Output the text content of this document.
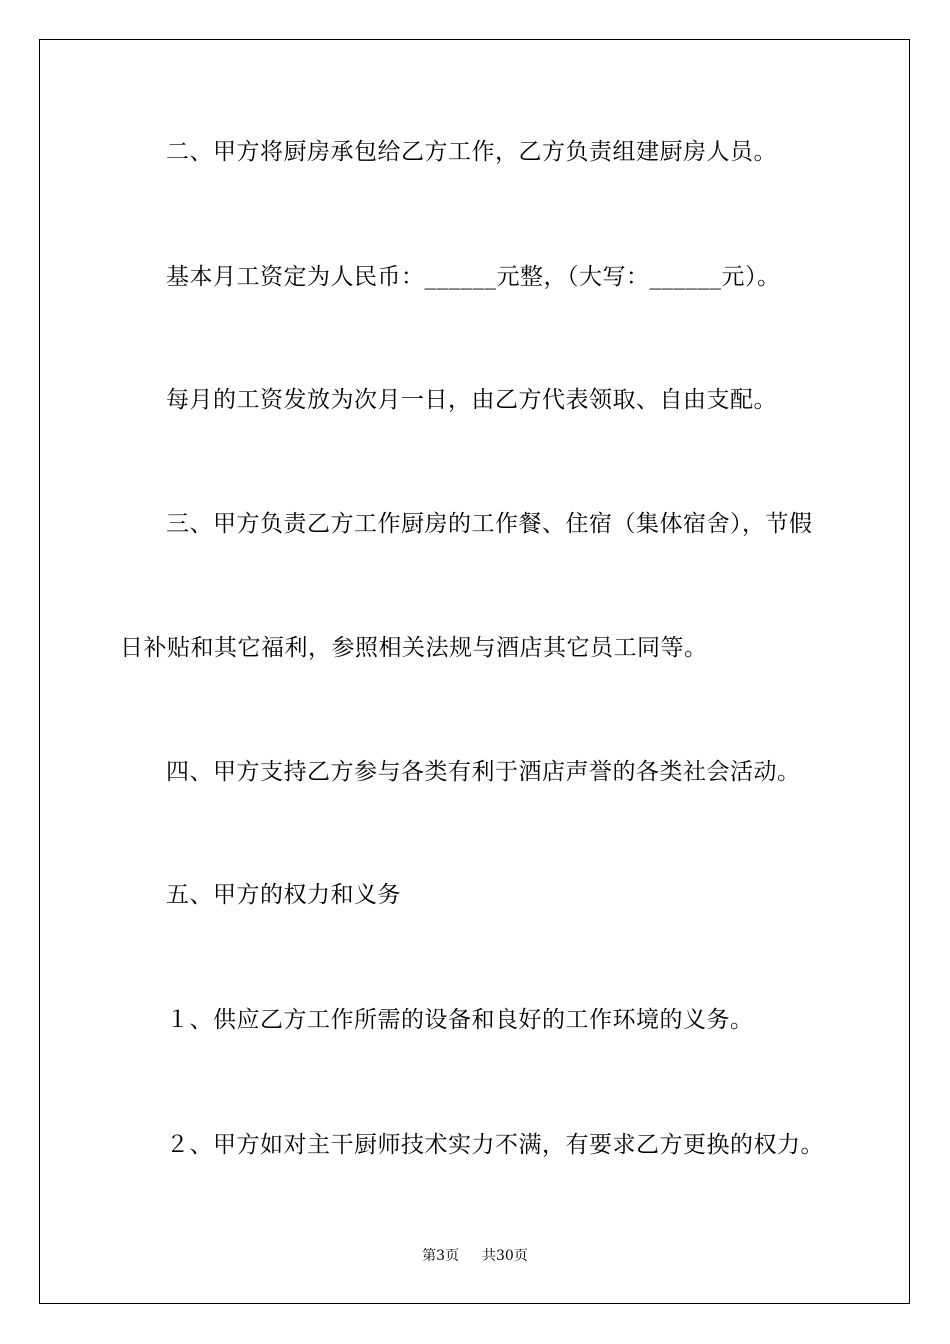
二、甲方将厨房承包给乙方工作，乙方负责组建厨房人员。
基本月工资定为人民币：______元整，（大写：______元）。
每月的工资发放为次月一日，由乙方代表领取、自由支配。
三、甲方负责乙方工作厨房的工作餐、住宿（集体宿舍），节假
日补贴和其它福利，参照相关法规与酒店其它员工同等。
四、甲方支持乙方参与各类有利于酒店声誉的各类社会活动。
五、甲方的权力和义务
１、供应乙方工作所需的设备和良好的工作环境的义务。
２、甲方如对主干厨师技术实力不满，有要求乙方更换的权力。
第3页 共30页
